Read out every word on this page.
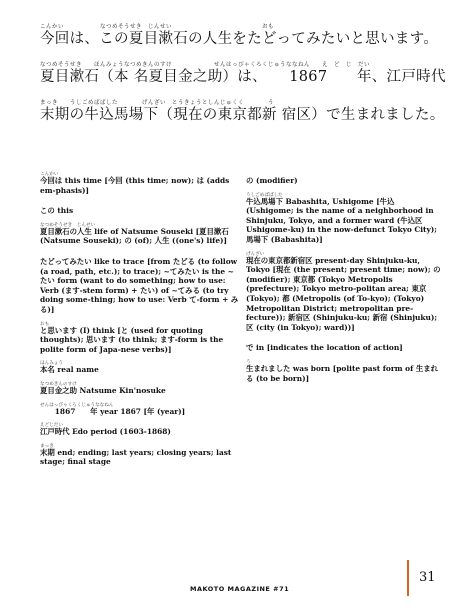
こんかい　　　　　　なつめそうせき　じんせい　　　　　　　　　　　　　　　おも
今回は、この夏目漱石の人生をたどってみたいと思います。
なつめそうせき　　ほんみょうなつめきんのすけ　　　　　　　せんはっぴゃくろくじゅうななねん　　え　ど　じ　だい
夏目漱石（本 名夏目金之助）は、　　1867　　年、江戸時代
まっき　　うしごめばばした　　　　げんざい　とうきょうとしんじゅくく　　　　う
末期の牛込馬場下（現在の東京都新 宿区）で生まれました。
こんかい
今回は this time [今回 (this time; now); は (adds em-phasis)]
この this
なつめそうせき　じんせい
夏目漱石の人生 life of Natsume Souseki [夏目漱石 (Natsume Souseki); の (of); 人生 ((one's) life)]
たどってみたい like to trace [from たどる (to follow (a road, path, etc.); to trace); ~てみたい is the ~たい form (want to do something; how to use: Verb (ます-stem form) + たい) of ~てみる (to try doing some-thing; how to use: Verb て-form + みる)]
おも
と思います (I) think [と (used for quoting thoughts); 思います (to think; ます-form is the polite form of Japa-nese verbs)]
ほんみょう
本名 real name
なつめきんのすけ
夏目金之助 Natsume Kin'nosuke
せんはっぴゃくろくじゅうななねん
　　1867　　年 year 1867 [年 (year)]
えどじだい
江戸時代 Edo period (1603-1868)
まっき
末期 end; ending; last years; closing years; last stage; final stage
の (modifier)
うしごめばばした
牛込馬場下 Babashita, Ushigome [牛込 (Ushigome; is the name of a neighborhood in Shinjuku, Tokyo, and a former ward (牛込区 Ushigome-ku) in the now-defunct Tokyo City); 馬場下 (Babashita)]
げんざい
現在の東京都新宿区 present-day Shinjuku-ku, Tokyo [現在 (the present; present time; now); の (modifier); 東京都 (Tokyo Metropolis (prefecture); Tokyo metro-politan area; 東京 (Tokyo); 都 (Metropolis (of To-kyo); (Tokyo) Metropolitan District; metropolitan pre-fecture)); 新宿区 (Shinjuku-ku; 新宿 (Shinjuku); 区 (city (in Tokyo); ward))]
で in [indicates the location of action]
う
生まれました was born [polite past form of 生まれる (to be born)]
MAKOTO MAGAZINE #71
31
